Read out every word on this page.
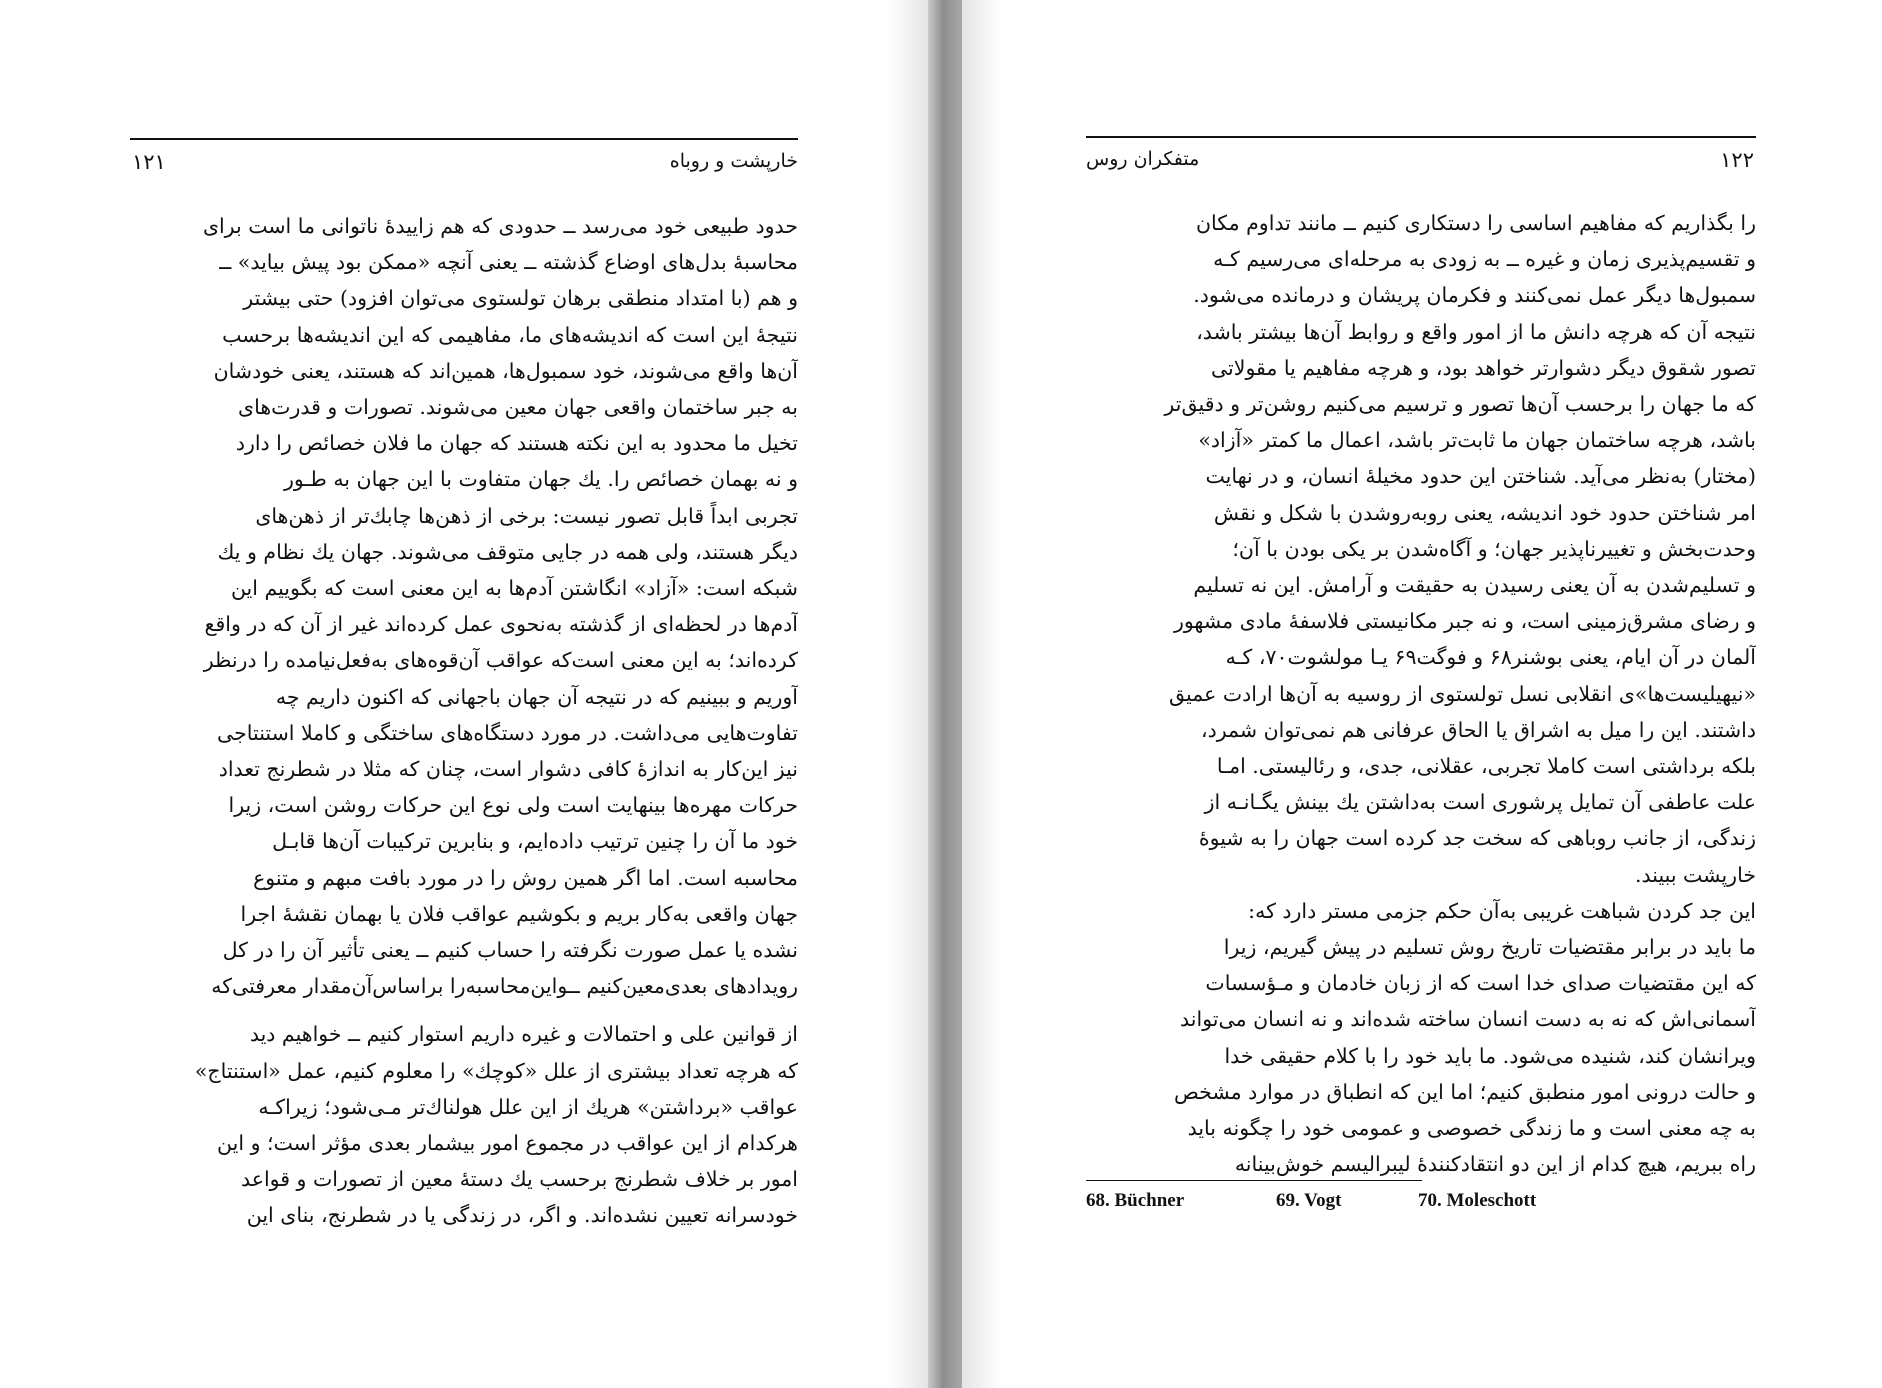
۱۲۱	خارپشت و روباه

حدود طبیعی خود می‌رسد ــ حدودی که هم زاییدۀ ناتوانی ما است برای
محاسبۀ بدل‌های اوضاع گذشته ــ یعنی آنچه «ممکن بود پیش بیاید» ــ
و هم (با امتداد منطقی برهان تولستوی می‌توان افزود) حتی بیشتر
نتیجۀ این است که اندیشه‌های ما، مفاهیمی که این اندیشه‌ها برحسب
آن‌ها واقع می‌شوند، خود سمبول‌ها، همین‌اند که هستند، یعنی خودشان
به جبر ساختمان واقعی جهان معین می‌شوند. تصورات و قدرت‌های
تخیل ما محدود به این نکته هستند که جهان ما فلان خصائص را دارد
و نه بهمان خصائص را. یك جهان متفاوت با این جهان به طـور
تجربی ابداً قابل تصور نیست: برخی از ذهن‌ها چابك‌تر از ذهن‌های
دیگر هستند، ولی همه در جایی متوقف می‌شوند. جهان یك نظام و یك
شبکه است: «آزاد» انگاشتن آدم‌ها به این معنی است که بگوییم این
آدم‌ها در لحظه‌ای از گذشته به‌نحوی عمل کرده‌اند غیر از آن که در واقع
کرده‌اند؛ به این معنی است‌که عواقب آن‌قوه‌های به‌فعل‌نیامده را درنظر
آوریم و ببینیم که در نتیجه آن جهان باجهانی که اکنون داریم چه
تفاوت‌هایی می‌داشت. در مورد دستگاه‌های ساختگی و کاملا استنتاجی
نیز این‌کار به اندازۀ کافی دشوار است، چنان که مثلا در شطرنج تعداد
حرکات مهره‌ها بینهایت است ولی نوع این حرکات روشن است، زیرا
خود ما آن را چنین ترتیب داده‌ایم، و بنابرین ترکیبات آن‌ها قابـل
محاسبه است. اما اگر همین روش را در مورد بافت مبهم و متنوع
جهان واقعی به‌کار بریم و بکوشیم عواقب فلان یا بهمان نقشۀ اجرا
نشده یا عمل صورت نگرفته را حساب کنیم ــ یعنی تأثیر آن را در کل
رویدادهای بعدی‌معین‌کنیم ــواین‌محاسبه‌را براساس‌آن‌مقدار معرفتی‌که

از قوانین علی و احتمالات و غیره داریم استوار کنیم ــ خواهیم دید
که هرچه تعداد بیشتری از علل «کوچك» را معلوم کنیم، عمل «استنتاج»
عواقب «برداشتن» هریك از این علل هولناك‌تر مـی‌شود؛ زیراکـه
هرکدام از این عواقب در مجموع امور بیشمار بعدی مؤثر است؛ و این
امور بر خلاف شطرنج برحسب یك دستۀ معین از تصورات و قواعد
خودسرانه تعیین نشده‌اند. و اگر، در زندگی یا در شطرنج، بنای این

متفکران روس	۱۲۲

را بگذاریم که مفاهیم اساسی را دستکاری کنیم ــ مانند تداوم مکان
و تقسیم‌پذیری زمان و غیره ــ به زودی به مرحله‌ای می‌رسیم کـه
سمبول‌ها دیگر عمل نمی‌کنند و فکرمان پریشان و درمانده می‌شود.
نتیجه آن که هرچه دانش ما از امور واقع و روابط آن‌ها بیشتر باشد،
تصور شقوق دیگر دشوارتر خواهد بود، و هرچه مفاهیم یا مقولاتی
که ما جهان را برحسب آن‌ها تصور و ترسیم می‌کنیم روشن‌تر و دقیق‌تر
باشد، هرچه ساختمان جهان ما ثابت‌تر باشد، اعمال ما کمتر «آزاد»
(مختار) به‌نظر می‌آید. شناختن این حدود مخیلۀ انسان، و در نهایت
امر شناختن حدود خود اندیشه، یعنی روبه‌روشدن با شکل و نقش
وحدت‌بخش و تغییرناپذیر جهان؛ و آگاه‌شدن بر یکی بودن با آن؛
و تسلیم‌شدن به آن یعنی رسیدن به حقیقت و آرامش. این نه تسلیم
و رضای مشرق‌زمینی است، و نه جبر مکانیستی فلاسفۀ مادی مشهور
آلمان در آن ایام، یعنی بوشنر۶۸ و فوگت۶۹ یـا مولشوت۷۰، کـه
«نیهیلیست‌ها»ی انقلابی نسل تولستوی از روسیه به آن‌ها ارادت عمیق
داشتند. این را میل به اشراق یا الحاق عرفانی هم نمی‌توان شمرد،
بلکه برداشتی است کاملا تجربی، عقلانی، جدی، و رئالیستی. امـا
علت عاطفی آن تمایل پرشوری است به‌داشتن یك بینش یگـانـه از
زندگی، از جانب روباهی که سخت جد کرده است جهان را به شیوۀ
خارپشت ببیند.

این جد کردن شباهت غریبی به‌آن حکم جزمی مستر دارد که:
ما باید در برابر مقتضیات تاریخ روش تسلیم در پیش گیریم، زیرا
که این مقتضیات صدای خدا است که از زبان خادمان و مـؤسسات
آسمانی‌اش که نه به دست انسان ساخته شده‌اند و نه انسان می‌تواند
ویرانشان کند، شنیده می‌شود. ما باید خود را با کلام حقیقی خدا
و حالت درونی امور منطبق کنیم؛ اما این که انطباق در موارد مشخص
به چه معنی است و ما زندگی خصوصی و عمومی خود را چگونه باید
راه ببریم، هیچ کدام از این دو انتقادکنندۀ لیبرالیسم خوش‌بینانه

68. Büchner	69. Vogt	70. Moleschott
